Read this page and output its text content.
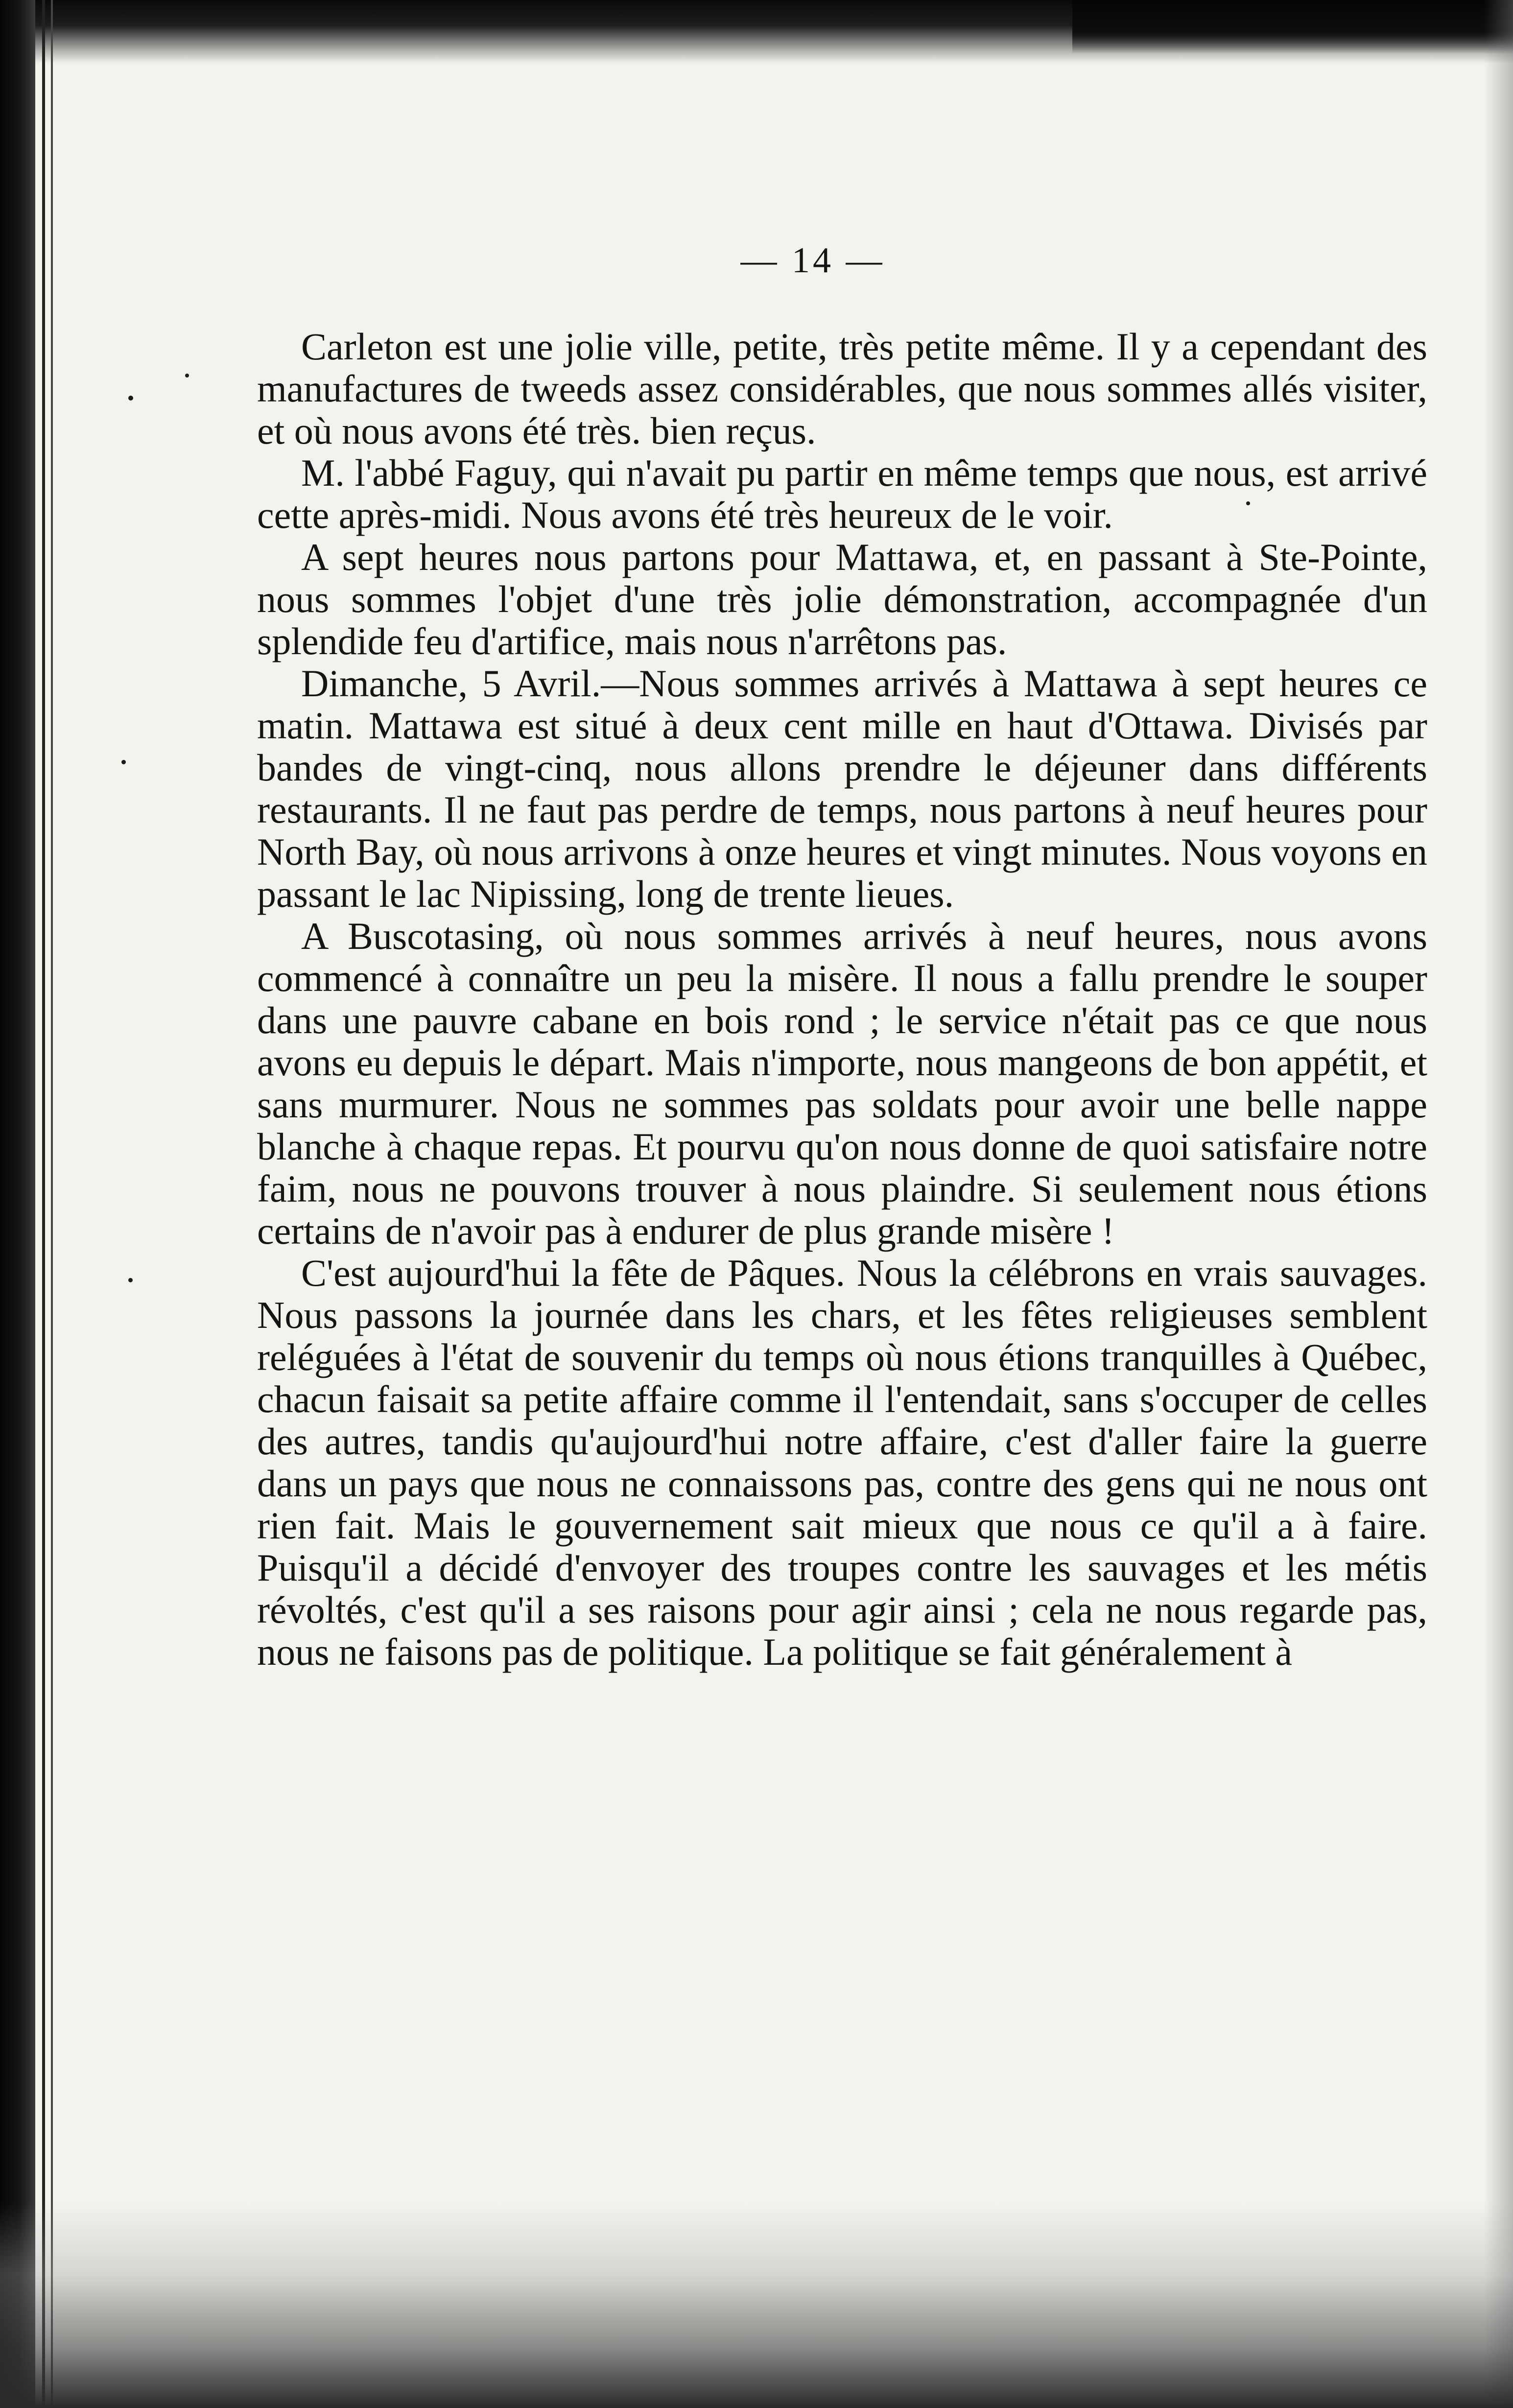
— 14 —

Carleton est une jolie ville, petite, très petite même. Il y a cependant des manufactures de tweeds assez considérables, que nous sommes allés visiter, et où nous avons été très. bien reçus.

M. l'abbé Faguy, qui n'avait pu partir en même temps que nous, est arrivé cette après-midi. Nous avons été très heureux de le voir.

A sept heures nous partons pour Mattawa, et, en passant à Ste-Pointe, nous sommes l'objet d'une très jolie démonstration, accompagnée d'un splendide feu d'artifice, mais nous n'arrêtons pas.

Dimanche, 5 Avril.—Nous sommes arrivés à Mattawa à sept heures ce matin. Mattawa est situé à deux cent mille en haut d'Ottawa. Divisés par bandes de vingt-cinq, nous allons prendre le déjeuner dans différents restaurants. Il ne faut pas perdre de temps, nous partons à neuf heures pour North Bay, où nous arrivons à onze heures et vingt minutes. Nous voyons en passant le lac Nipissing, long de trente lieues.

A Buscotasing, où nous sommes arrivés à neuf heures, nous avons commencé à connaître un peu la misère. Il nous a fallu prendre le souper dans une pauvre cabane en bois rond ; le service n'était pas ce que nous avons eu depuis le départ. Mais n'importe, nous mangeons de bon appétit, et sans murmurer. Nous ne sommes pas soldats pour avoir une belle nappe blanche à chaque repas. Et pourvu qu'on nous donne de quoi satisfaire notre faim, nous ne pouvons trouver à nous plaindre. Si seulement nous étions certains de n'avoir pas à endurer de plus grande misère !

C'est aujourd'hui la fête de Pâques. Nous la célébrons en vrais sauvages. Nous passons la journée dans les chars, et les fêtes religieuses semblent reléguées à l'état de souvenir du temps où nous étions tranquilles à Québec, chacun faisait sa petite affaire comme il l'entendait, sans s'occuper de celles des autres, tandis qu'aujourd'hui notre affaire, c'est d'aller faire la guerre dans un pays que nous ne connaissons pas, contre des gens qui ne nous ont rien fait. Mais le gouvernement sait mieux que nous ce qu'il a à faire. Puisqu'il a décidé d'envoyer des troupes contre les sauvages et les métis révoltés, c'est qu'il a ses raisons pour agir ainsi ; cela ne nous regarde pas, nous ne faisons pas de politique. La politique se fait généralement à
